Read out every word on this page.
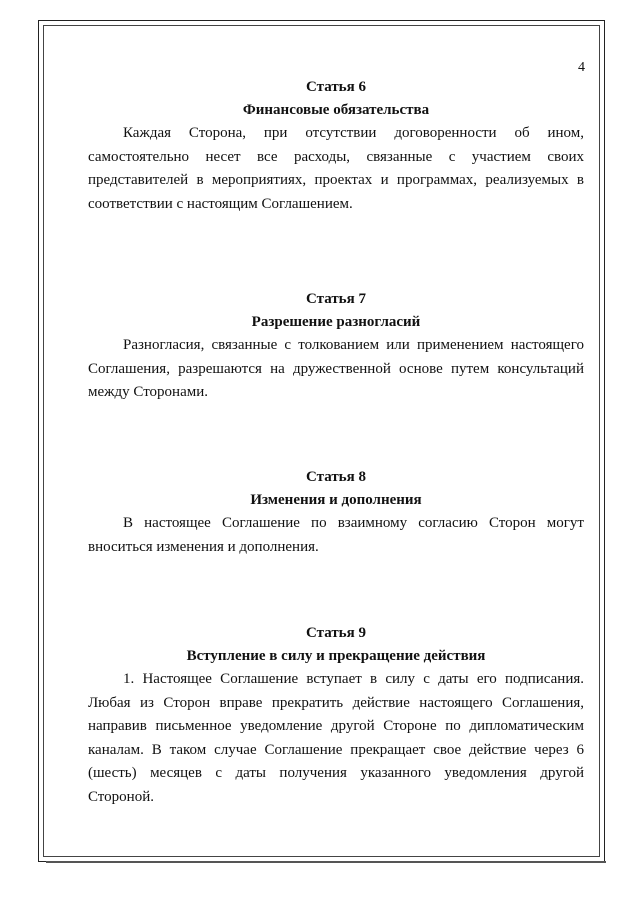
4
Статья 6
Финансовые обязательства

Каждая Сторона, при отсутствии договоренности об ином, самостоятельно несет все расходы, связанные с участием своих представителей в мероприятиях, проектах и программах, реализуемых в соответствии с настоящим Соглашением.

Статья 7
Разрешение разногласий

Разногласия, связанные с толкованием или применением настоящего Соглашения, разрешаются на дружественной основе путем консультаций между Сторонами.

Статья 8
Изменения и дополнения

В настоящее Соглашение по взаимному согласию Сторон могут вноситься изменения и дополнения.

Статья 9
Вступление в силу и прекращение действия

1. Настоящее Соглашение вступает в силу с даты его подписания. Любая из Сторон вправе прекратить действие настоящего Соглашения, направив письменное уведомление другой Стороне по дипломатическим каналам. В таком случае Соглашение прекращает свое действие через 6 (шесть) месяцев с даты получения указанного уведомления другой Стороной.
